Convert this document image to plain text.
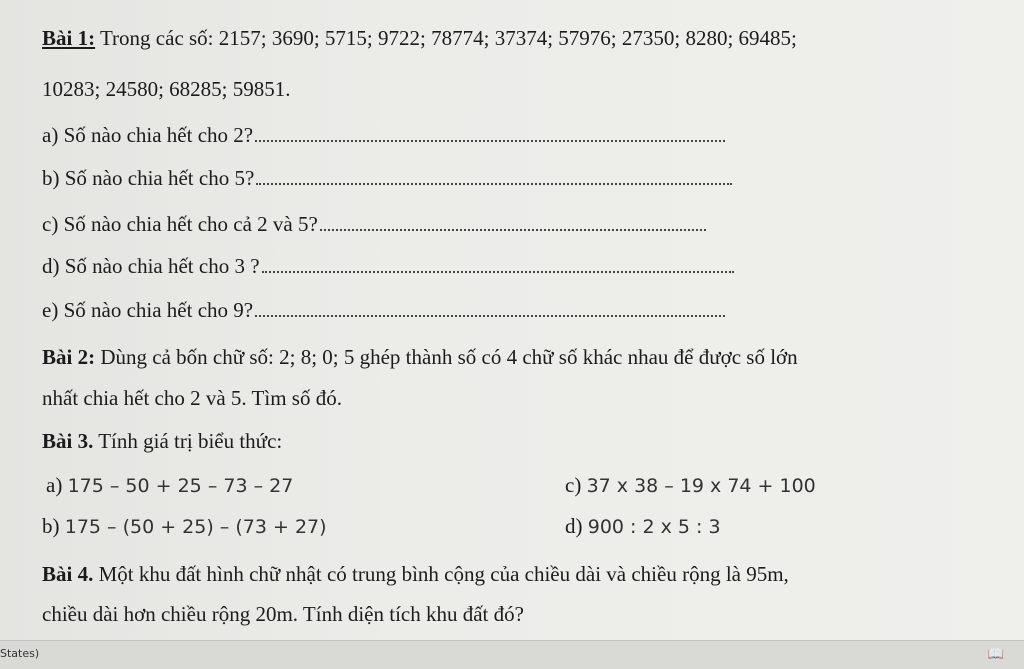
Bài 1: Trong các số: 2157; 3690; 5715; 9722; 78774; 37374; 57976; 27350; 8280; 69485;
10283; 24580; 68285; 59851.
a) Số nào chia hết cho 2?
b) Số nào chia hết cho 5?
c) Số nào chia hết cho cả 2 và 5?
d) Số nào chia hết cho 3 ?
e) Số nào chia hết cho 9?
Bài 2: Dùng cả bốn chữ số: 2; 8; 0; 5 ghép thành số có 4 chữ số khác nhau để được số lớn
nhất chia hết cho 2 và 5. Tìm số đó.
Bài 3. Tính giá trị biểu thức:
a) 175 – 50 + 25 – 73 – 27	c) 37 x 38 – 19 x 74 + 100
b) 175 – (50 + 25) – (73 + 27)	d) 900 : 2 x 5 : 3
Bài 4. Một khu đất hình chữ nhật có trung bình cộng của chiều dài và chiều rộng là 95m,
chiều dài hơn chiều rộng 20m. Tính diện tích khu đất đó?
States)	📖
